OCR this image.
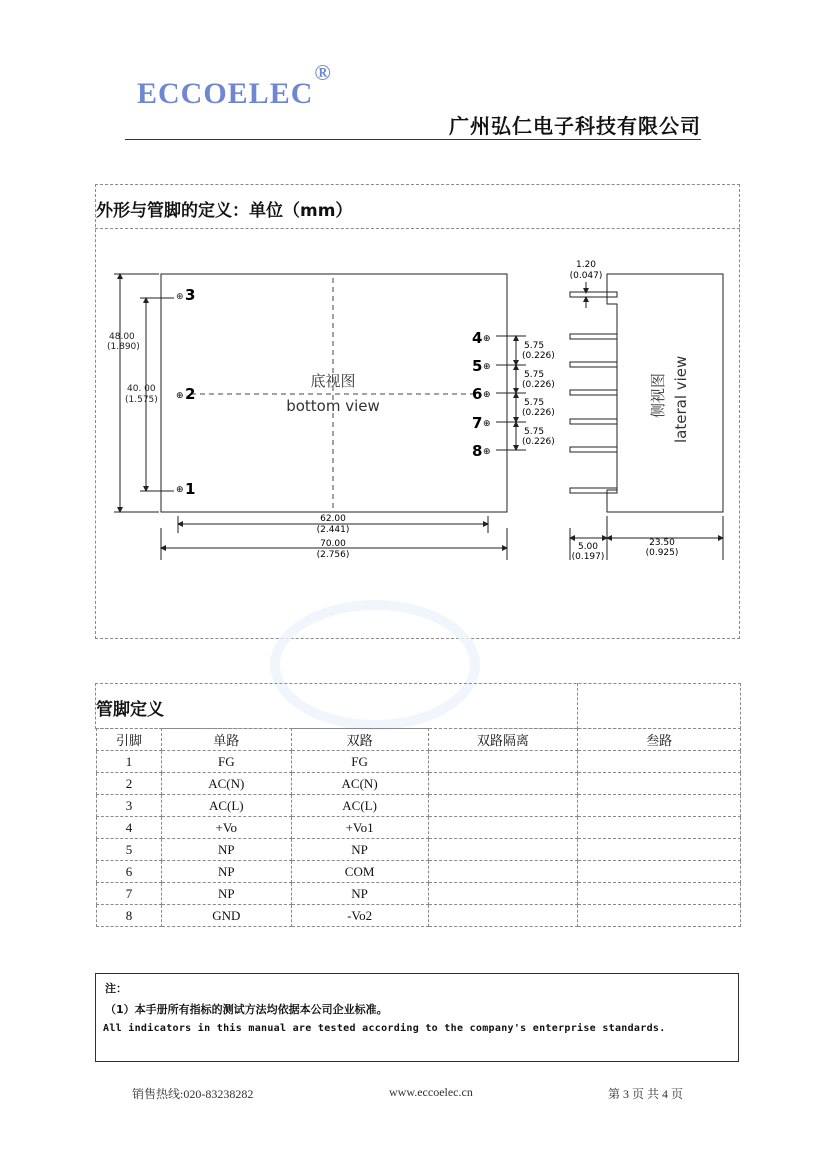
ECCOELEC®
广州弘仁电子科技有限公司
外形与管脚的定义：单位（mm）
底视图
bottom view
⊕ 3
⊕ 2
⊕ 1
4 ⊕
5 ⊕
6 ⊕
7 ⊕
8 ⊕
48.00
(1.890)
40. 00
(1.575)
5.75
(0.226)
5.75
(0.226)
5.75
(0.226)
5.75
(0.226)
62.00
(2.441)
70.00
(2.756)
侧视图 lateral view
1.20
(0.047)
5.00
(0.197)
23.50
(0.925)
管脚定义
引脚	单路	双路	双路隔离	叁路
1	FG	FG		
2	AC(N)	AC(N)		
3	AC(L)	AC(L)		
4	+Vo	+Vo1		
5	NP	NP		
6	NP	COM		
7	NP	NP		
8	GND	-Vo2		
注：
（1）本手册所有指标的测试方法均依据本公司企业标准。
All indicators in this manual are tested according to the company's enterprise standards.
销售热线:020-83238282	www.eccoelec.cn	第 3 页 共 4 页
